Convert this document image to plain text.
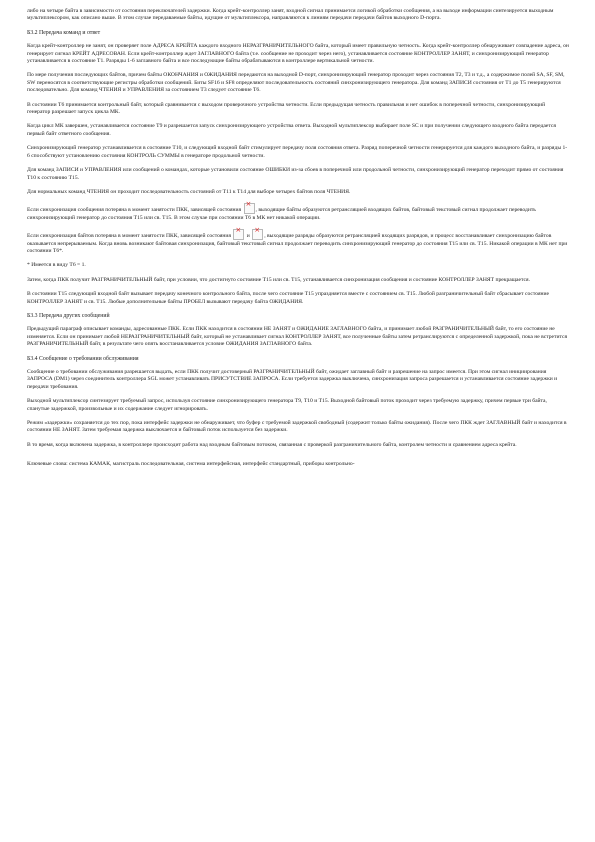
либо на четыре байта в зависимости от состояния переключателей задержки. Когда крейт-контроллер занят, входной сигнал принимается логикой обработки сообщения, а на выходе информации синтезируется выходным мультиплексором, как описано выше. В этом случае передаваемые байты, идущие от мультиплексора, направляются к линиям передачи передачи байтов выходного D-порта.

Б3.2 Передача команд и ответ

Когда крейт-контроллер не занят, он проверяет поле АДРЕСА КРЕЙТА каждого входного НЕРАЗГРАНИЧИТЕЛЬНОГО байта, который имеет правильную четность. Когда крейт-контроллер обнаруживает совпадение адреса, он генерирует сигнал КРЕЙТ АДРЕСОВАН. Если крейт-контроллер ждет ЗАГЛАВНОГО байта (т.е. сообщение не проходит через него), устанавливается состояние КОНТРОЛЛЕР ЗАНЯТ, и синхронизирующий генератор устанавливается в состояние Т1. Разряды 1-6 заглавного байта и все последующие байты обрабатываются в контроллере вертикальной четности.

По мере получения последующих байтов, причем байты ОКОНЧАНИЯ и ОЖИДАНИЯ передаются на выходной D-порт, синхронизирующий генератор проходит через состояния Т2, Т3 и т.д., а содержимое полей SA, SF, SM, SW переносятся в соответствующие регистры обработки сообщений. Биты SF16 и SF8 определяют последовательность состояний синхронизирующего генератора. Для команд ЗАПИСИ состояния от Т1 до Т5 генерируются последовательно. Для команд ЧТЕНИЯ и УПРАВЛЕНИЯ за состоянием Т3 следует состояние Т6.

В состоянии Т6 принимается контрольный байт, который сравнивается с выходом проверочного устройства четности. Если предыдущая четность правильная и нет ошибок в поперечной четности, синхронизирующий генератор разрешает запуск цикла МК.

Когда цикл МК завершен, устанавливается состояние Т9 и разрешается запуск синхронизирующего устройства ответа. Выходной мультиплексор выбирает поле SC и при получении следующего входного байта передается первый байт ответного сообщения.

Синхронизирующий генератор устанавливается в состояние Т10, и следующий входной байт стимулирует передачу поля состояния ответа. Разряд поперечной четности генерируется для каждого выходного байта, и разряды 1-6 способствуют установлению состояния КОНТРОЛЬ СУММЫ в генераторе продольной четности.

Для команд ЗАПИСИ и УПРАВЛЕНИЯ или сообщений о командах, которые установили состояние ОШИБКИ из-за сбоев в поперечной или продольной четности, синхронизирующий генератор переходит прямо от состояния Т10 к состоянию Т15.

Для нормальных команд ЧТЕНИЯ он проходит последовательность состояний от Т11 к Т14 для выборе четырех байтов поля ЧТЕНИЯ.

Если синхронизация сообщения потеряна в момент занятости ПКК, зависящей состояния ×	, выходящие байты образуются ретрансляцией входящих байтов, байтовый текстовый сигнал продолжает переводить синхронизирующий генератор до состояния Т15 или св. Т15. В этом случае при состоянии Т6 в МК нет никакой операции.

Если синхронизация байтов потеряна в момент занятости ПКК, зависящей состояния ×	и ×	, выходящие разряды образуются ретрансляцией входящих разрядов, и процесс восстанавливает синхронизацию байтов оказывается непрерываемым. Когда вновь возникают байтовая синхронизация, байтовый текстовый сигнал продолжает переводить синхронизирующий генератор до состояния Т15 или св. Т15. Никакой операции в МК нет при состоянии Т6*.

* Имеется в виду Т6 = 1.

Затем, когда ПКК получит РАЗГРАНИЧИТЕЛЬНЫЙ байт, при условии, что достигнуто состояние Т15 или св. Т15, устанавливается синхронизация сообщения и состояние КОНТРОЛЛЕР ЗАНЯТ прекращается.

В состоянии Т15 следующий входной байт вызывает передачу конечного контрольного байта, после чего состояние Т15 упраздняется вместе с состоянием св. Т15. Любой разграничительный байт сбрасывает состояние КОНТРОЛЛЕР ЗАНЯТ и св. Т15. Любые дополнительные байты ПРОБЕЛ вызывают передачу байта ОЖИДАНИЯ.

Б3.3 Передача других сообщений

Предыдущий параграф описывает команды, адресованные ПКК. Если ПКК находится в состоянии НЕ ЗАНЯТ и ОЖИДАНИЕ ЗАГЛАВНОГО байта, и принимает любой РАЗГРАНИЧИТЕЛЬНЫЙ байт, то его состояние не изменяется. Если он принимает любой НЕРАЗГРАНИЧИТЕЛЬНЫЙ байт, который не устанавливает сигнал КОНТРОЛЛЕР ЗАНЯТ, все полученные байты затем ретранслируются с определенной задержкой, пока не встретится РАЗГРАНИЧИТЕЛЬНЫЙ байт, в результате чего опять восстанавливается условие ОЖИДАНИЯ ЗАГЛАВНОГО байта.

Б3.4 Сообщение о требовании обслуживания

Сообщение о требовании обслуживания разрешается выдать, если ПКК получит достоверный РАЗГРАНИЧИТЕЛЬНЫЙ байт, ожидает заглавный байт и разрешение на запрос имеется. При этом сигнал инициирования ЗАПРОСА (DM1) через соединитель контроллера SGL может устанавливать ПРИСУТСТВИЕ ЗАПРОСА. Если требуется задержка выключена, синхронизация запроса разрешается и устанавливается состояние задержки и передачи требования.

Выходной мультиплексор синтезирует требуемый запрос, используя состояние синхронизирующего генератора Т9, Т10 и Т15. Выходной байтовый поток проходит через требуемую задержку, причем первые три байта, спанутые задержкой, произвольные и их содержание следует игнорировать.

Режим «задержки» сохраняется до тех пор, пока интерфейс задержки не обнаруживает, что буфер с требуемой задержкой свободный (содержит только байты ожидания). После чего ПКК ждет ЗАГЛАВНЫЙ байт и находится в состоянии НЕ ЗАНЯТ. Затем требуемая задержка выключается и байтовый поток используется без задержки.

В то время, когда включена задержка, в контроллере происходит работа над входным байтовым потоком, связанная с проверкой разграничительного байта, контролем четности и сравнением адреса крейта.

Ключевые слова: система КАМАК, магистраль последовательная, система интерфейсная, интерфейс стандартный, приборы контрольно-
